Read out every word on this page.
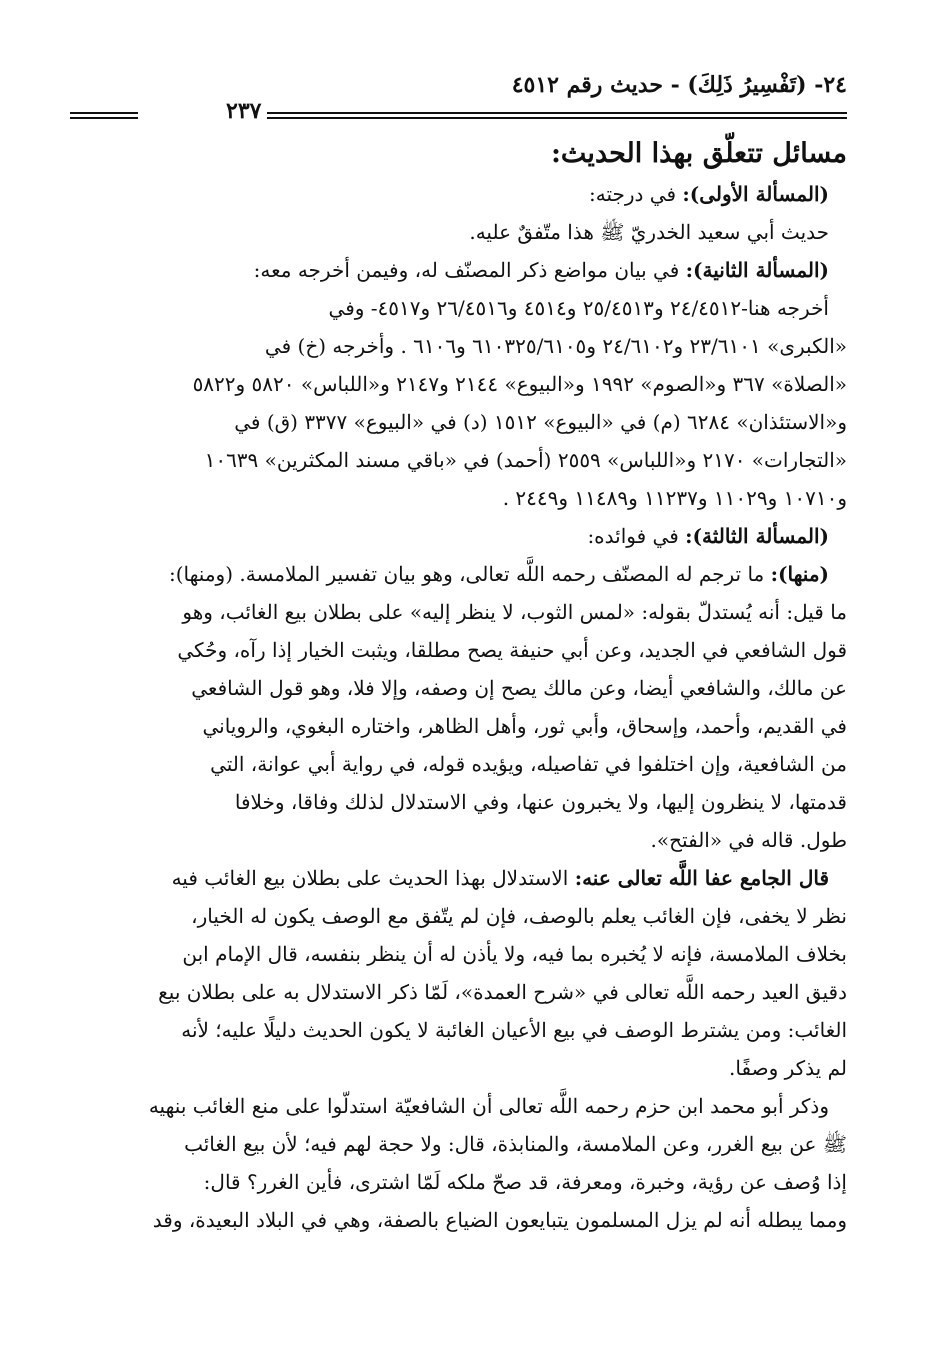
٢٤- (تَفْسِيرُ ذَلِكَ) - حديث رقم ٤٥١٢
٢٣٧
مسائل تتعلّق بهذا الحديث:
(المسألة الأولى): في درجته:
حديث أبي سعيد الخدريّ ﷺ هذا متّفقٌ عليه.
(المسألة الثانية): في بيان مواضع ذكر المصنّف له، وفيمن أخرجه معه:
أخرجه هنا-٢٤/٤٥١٢ و٢٥/٤٥١٣ و٤٥١٤ و٢٦/٤٥١٦ و٤٥١٧- وفي
«الكبرى» ٢٣/٦١٠١ و٢٤/٦١٠٢ و٦١٠٣٢٥/٦١٠٥ و٦١٠٦ . وأخرجه (خ) في
«الصلاة» ٣٦٧ و«الصوم» ١٩٩٢ و«البيوع» ٢١٤٤ و٢١٤٧ و«اللباس» ٥٨٢٠ و٥٨٢٢
و«الاستئذان» ٦٢٨٤ (م) في «البيوع» ١٥١٢ (د) في «البيوع» ٣٣٧٧ (ق) في
«التجارات» ٢١٧٠ و«اللباس» ٢٥٥٩ (أحمد) في «باقي مسند المكثرين» ١٠٦٣٩
و١٠٧١٠ و١١٠٢٩ و١١٢٣٧ و١١٤٨٩ و٢٤٤٩ .
(المسألة الثالثة): في فوائده:
(منها): ما ترجم له المصنّف رحمه اللَّه تعالى، وهو بيان تفسير الملامسة. (ومنها):
ما قيل: أنه يُستدلّ بقوله: «لمس الثوب، لا ينظر إليه» على بطلان بيع الغائب، وهو
قول الشافعي في الجديد، وعن أبي حنيفة يصح مطلقا، ويثبت الخيار إذا رآه، وحُكي
عن مالك، والشافعي أيضا، وعن مالك يصح إن وصفه، وإلا فلا، وهو قول الشافعي
في القديم، وأحمد، وإسحاق، وأبي ثور، وأهل الظاهر، واختاره البغوي، والروياني
من الشافعية، وإن اختلفوا في تفاصيله، ويؤيده قوله، في رواية أبي عوانة، التي
قدمتها، لا ينظرون إليها، ولا يخبرون عنها، وفي الاستدلال لذلك وفاقا، وخلافا
طول. قاله في «الفتح».
قال الجامع عفا اللَّه تعالى عنه: الاستدلال بهذا الحديث على بطلان بيع الغائب فيه
نظر لا يخفى، فإن الغائب يعلم بالوصف، فإن لم يتّفق مع الوصف يكون له الخيار،
بخلاف الملامسة، فإنه لا يُخبره بما فيه، ولا يأذن له أن ينظر بنفسه، قال الإمام ابن
دقيق العيد رحمه اللَّه تعالى في «شرح العمدة»، لَمّا ذكر الاستدلال به على بطلان بيع
الغائب: ومن يشترط الوصف في بيع الأعيان الغائبة لا يكون الحديث دليلًا عليه؛ لأنه
لم يذكر وصفًا.
وذكر أبو محمد ابن حزم رحمه اللَّه تعالى أن الشافعيّة استدلّوا على منع الغائب بنهيه
ﷺ عن بيع الغرر، وعن الملامسة، والمنابذة، قال: ولا حجة لهم فيه؛ لأن بيع الغائب
إذا وُصف عن رؤية، وخبرة، ومعرفة، قد صحّ ملكه لَمّا اشترى، فأين الغرر؟ قال:
ومما يبطله أنه لم يزل المسلمون يتبايعون الضياع بالصفة، وهي في البلاد البعيدة، وقد
